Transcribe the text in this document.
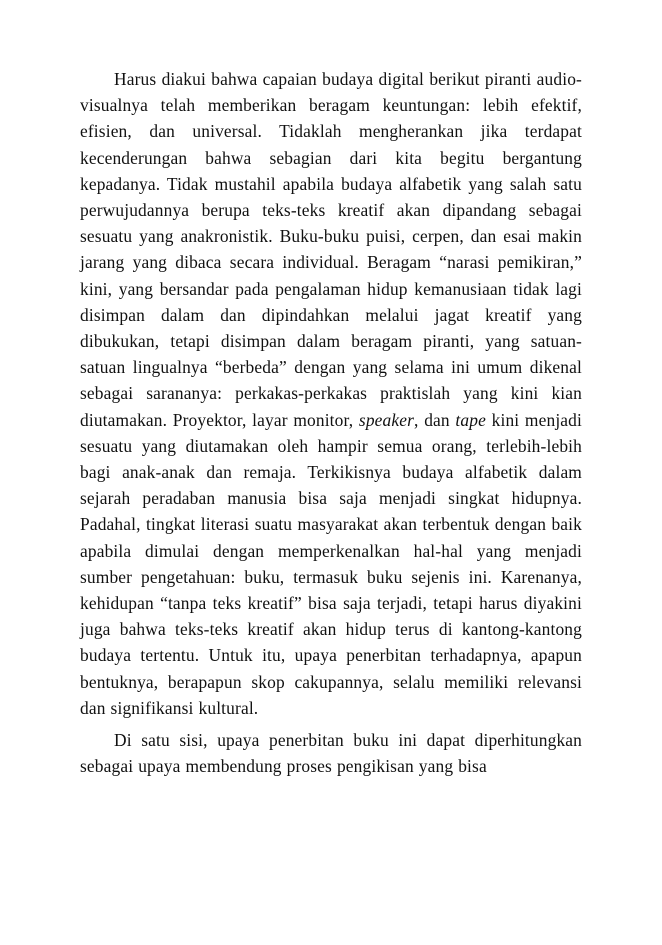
Harus diakui bahwa capaian budaya digital berikut piranti audio-visualnya telah memberikan beragam keuntungan: lebih efektif, efisien, dan universal. Tidaklah mengherankan jika terdapat kecenderungan bahwa sebagian dari kita begitu bergantung kepadanya. Tidak mustahil apabila budaya alfabetik yang salah satu perwujudannya berupa teks-teks kreatif akan dipandang sebagai sesuatu yang anakronistik. Buku-buku puisi, cerpen, dan esai makin jarang yang dibaca secara individual. Beragam “narasi pemikiran,” kini, yang bersandar pada pengalaman hidup kemanusiaan tidak lagi disimpan dalam dan dipindahkan melalui jagat kreatif yang dibukukan, tetapi disimpan dalam beragam piranti, yang satuan-satuan lingualnya “berbeda” dengan yang selama ini umum dikenal sebagai sarananya: perkakas-perkakas praktislah yang kini kian diutamakan. Proyektor, layar monitor, speaker, dan tape kini menjadi sesuatu yang diutamakan oleh hampir semua orang, terlebih-lebih bagi anak-anak dan remaja. Terkikisnya budaya alfabetik dalam sejarah peradaban manusia bisa saja menjadi singkat hidupnya. Padahal, tingkat literasi suatu masyarakat akan terbentuk dengan baik apabila dimulai dengan memperkenalkan hal-hal yang menjadi sumber pengetahuan: buku, termasuk buku sejenis ini. Karenanya, kehidupan “tanpa teks kreatif” bisa saja terjadi, tetapi harus diyakini juga bahwa teks-teks kreatif akan hidup terus di kantong-kantong budaya tertentu. Untuk itu, upaya penerbitan terhadapnya, apapun bentuknya, berapapun skop cakupannya, selalu memiliki relevansi dan signifikansi kultural.

Di satu sisi, upaya penerbitan buku ini dapat diperhitungkan sebagai upaya membendung proses pengikisan yang bisa
